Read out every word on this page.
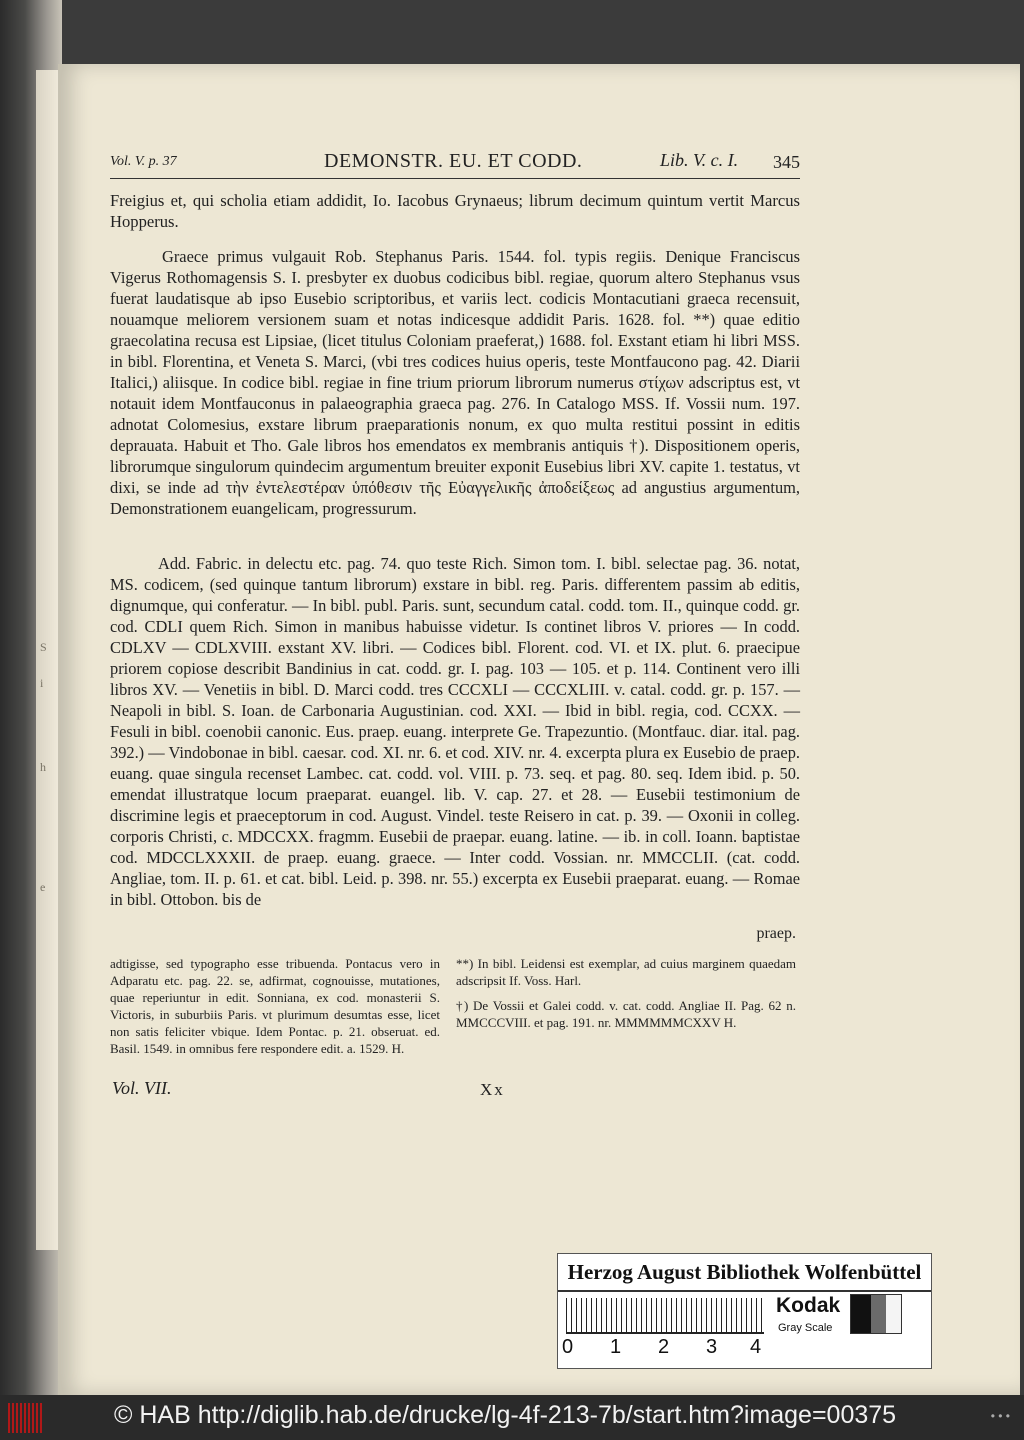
S
i
h
e
Vol. V. p. 37	DEMONSTR. EU. ET CODD.	Lib. V. c. I. 345

Freigius et, qui scholia etiam addidit, Io. Iacobus Grynaeus; librum decimum quintum vertit Marcus Hopperus.

Graece primus vulgauit Rob. Stephanus Paris. 1544. fol. typis regiis. Denique Franciscus Vigerus Rothomagensis S. I. presbyter ex duobus codicibus bibl. regiae, quorum altero Stephanus vsus fuerat laudatisque ab ipso Eusebio scriptoribus, et variis lect. codicis Montacutiani graeca recensuit, nouamque meliorem versionem suam et notas indicesque addidit Paris. 1628. fol. **) quae editio graecolatina recusa est Lipsiae, (licet titulus Coloniam praeferat,) 1688. fol. Exstant etiam hi libri MSS. in bibl. Florentina, et Veneta S. Marci, (vbi tres codices huius operis, teste Montfaucono pag. 42. Diarii Italici,) aliisque. In codice bibl. regiae in fine trium priorum librorum numerus στίχων adscriptus est, vt notauit idem Montfauconus in palaeographia graeca pag. 276. In Catalogo MSS. If. Vossii num. 197. adnotat Colomesius, exstare librum praeparationis nonum, ex quo multa restitui possint in editis deprauata. Habuit et Tho. Gale libros hos emendatos ex membranis antiquis †). Dispositionem operis, librorumque singulorum quindecim argumentum breuiter exponit Eusebius libri XV. capite 1. testatus, vt dixi, se inde ad τὴν ἐντελεστέραν ὑπόθεσιν τῆς Εὐαγγελικῆς ἀποδείξεως ad angustius argumentum, Demonstrationem euangelicam, progressurum.

Add. Fabric. in delectu etc. pag. 74. quo teste Rich. Simon tom. I. bibl. selectae pag. 36. notat, MS. codicem, (sed quinque tantum librorum) exstare in bibl. reg. Paris. differentem passim ab editis, dignumque, qui conferatur. — In bibl. publ. Paris. sunt, secundum catal. codd. tom. II., quinque codd. gr. cod. CDLI quem Rich. Simon in manibus habuisse videtur. Is continet libros V. priores — In codd. CDLXV — CDLXVIII. exstant XV. libri. — Codices bibl. Florent. cod. VI. et IX. plut. 6. praecipue priorem copiose describit Bandinius in cat. codd. gr. I. pag. 103 — 105. et p. 114. Continent vero illi libros XV. — Venetiis in bibl. D. Marci codd. tres CCCXLI — CCCXLIII. v. catal. codd. gr. p. 157. — Neapoli in bibl. S. Ioan. de Carbonaria Augustinian. cod. XXI. — Ibid in bibl. regia, cod. CCXX. — Fesuli in bibl. coenobii canonic. Eus. praep. euang. interprete Ge. Trapezuntio. (Montfauc. diar. ital. pag. 392.) — Vindobonae in bibl. caesar. cod. XI. nr. 6. et cod. XIV. nr. 4. excerpta plura ex Eusebio de praep. euang. quae singula recenset Lambec. cat. codd. vol. VIII. p. 73. seq. et pag. 80. seq. Idem ibid. p. 50. emendat illustratque locum praeparat. euangel. lib. V. cap. 27. et 28. — Eusebii testimonium de discrimine legis et praeceptorum in cod. August. Vindel. teste Reisero in cat. p. 39. — Oxonii in colleg. corporis Christi, c. MDCCXX. fragmm. Eusebii de praepar. euang. latine. — ib. in coll. Ioann. baptistae cod. MDCCLXXXII. de praep. euang. graece. — Inter codd. Vossian. nr. MMCCLII. (cat. codd. Angliae, tom. II. p. 61. et cat. bibl. Leid. p. 398. nr. 55.) excerpta ex Eusebii praeparat. euang. — Romae in bibl. Ottobon. bis de

praep.

adtigisse, sed typographo esse tribuenda. Pontacus vero in Adparatu etc. pag. 22. se, adfirmat, cognouisse, mutationes, quae reperiuntur in edit. Sonniana, ex cod. monasterii S. Victoris, in suburbiis Paris. vt plurimum desumtas esse, licet non satis feliciter vbique. Idem Pontac. p. 21. obseruat. ed. Basil. 1549. in omnibus fere respondere edit. a. 1529. H.

**) In bibl. Leidensi est exemplar, ad cuius marginem quaedam adscripsit If. Voss. Harl.

†) De Vossii et Galei codd. v. cat. codd. Angliae II. Pag. 62 n. MMCCCVIII. et pag. 191. nr. MMMMMMCXXV H.

Vol. VII.	Xx
Herzog August Bibliothek Wolfenbüttel
0 1 2 3 4
Kodak
Gray Scale
© HAB http://diglib.hab.de/drucke/lg-4f-213-7b/start.htm?image=00375	• • •
